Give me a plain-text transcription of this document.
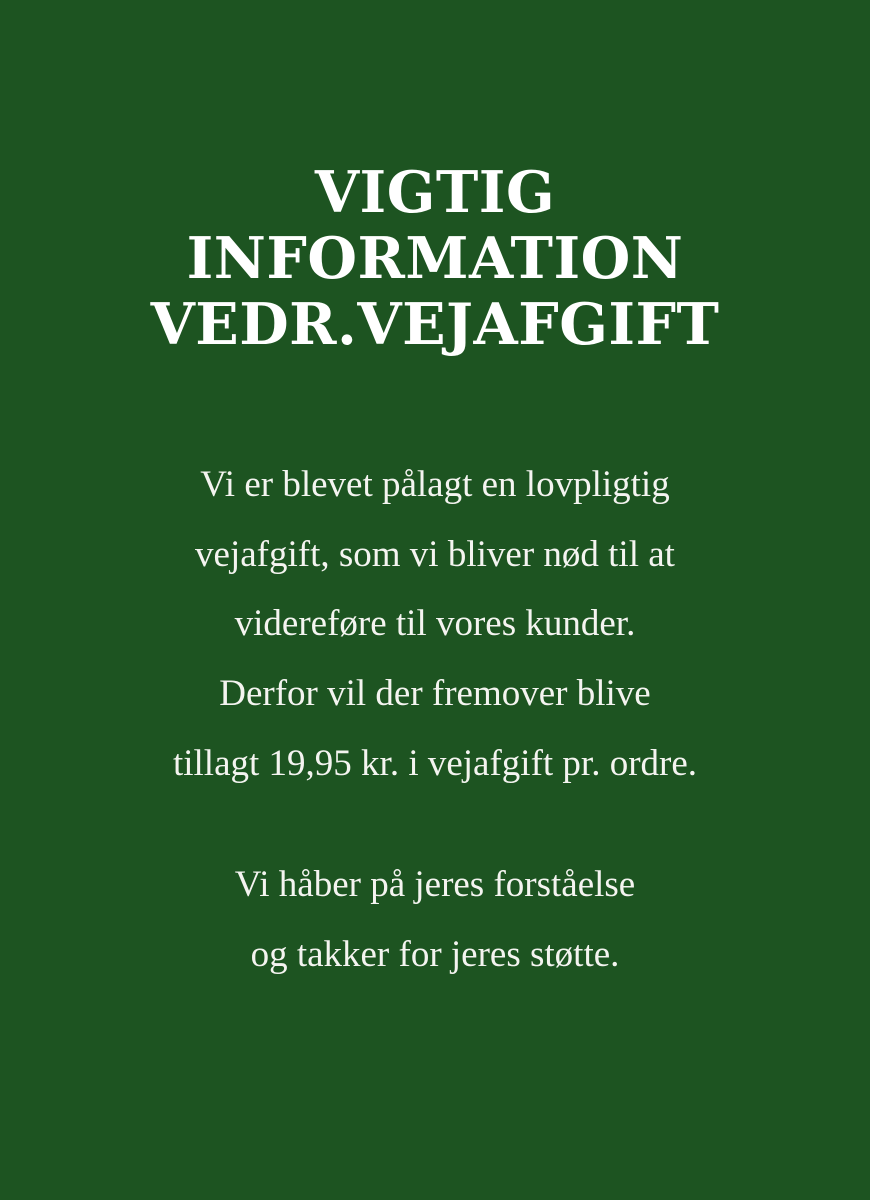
VIGTIG
INFORMATION
VEDR.VEJAFGIFT

Vi er blevet pålagt en lovpligtig
vejafgift, som vi bliver nød til at
videreføre til vores kunder.
Derfor vil der fremover blive
tillagt 19,95 kr. i vejafgift pr. ordre.

Vi håber på jeres forståelse
og takker for jeres støtte.
